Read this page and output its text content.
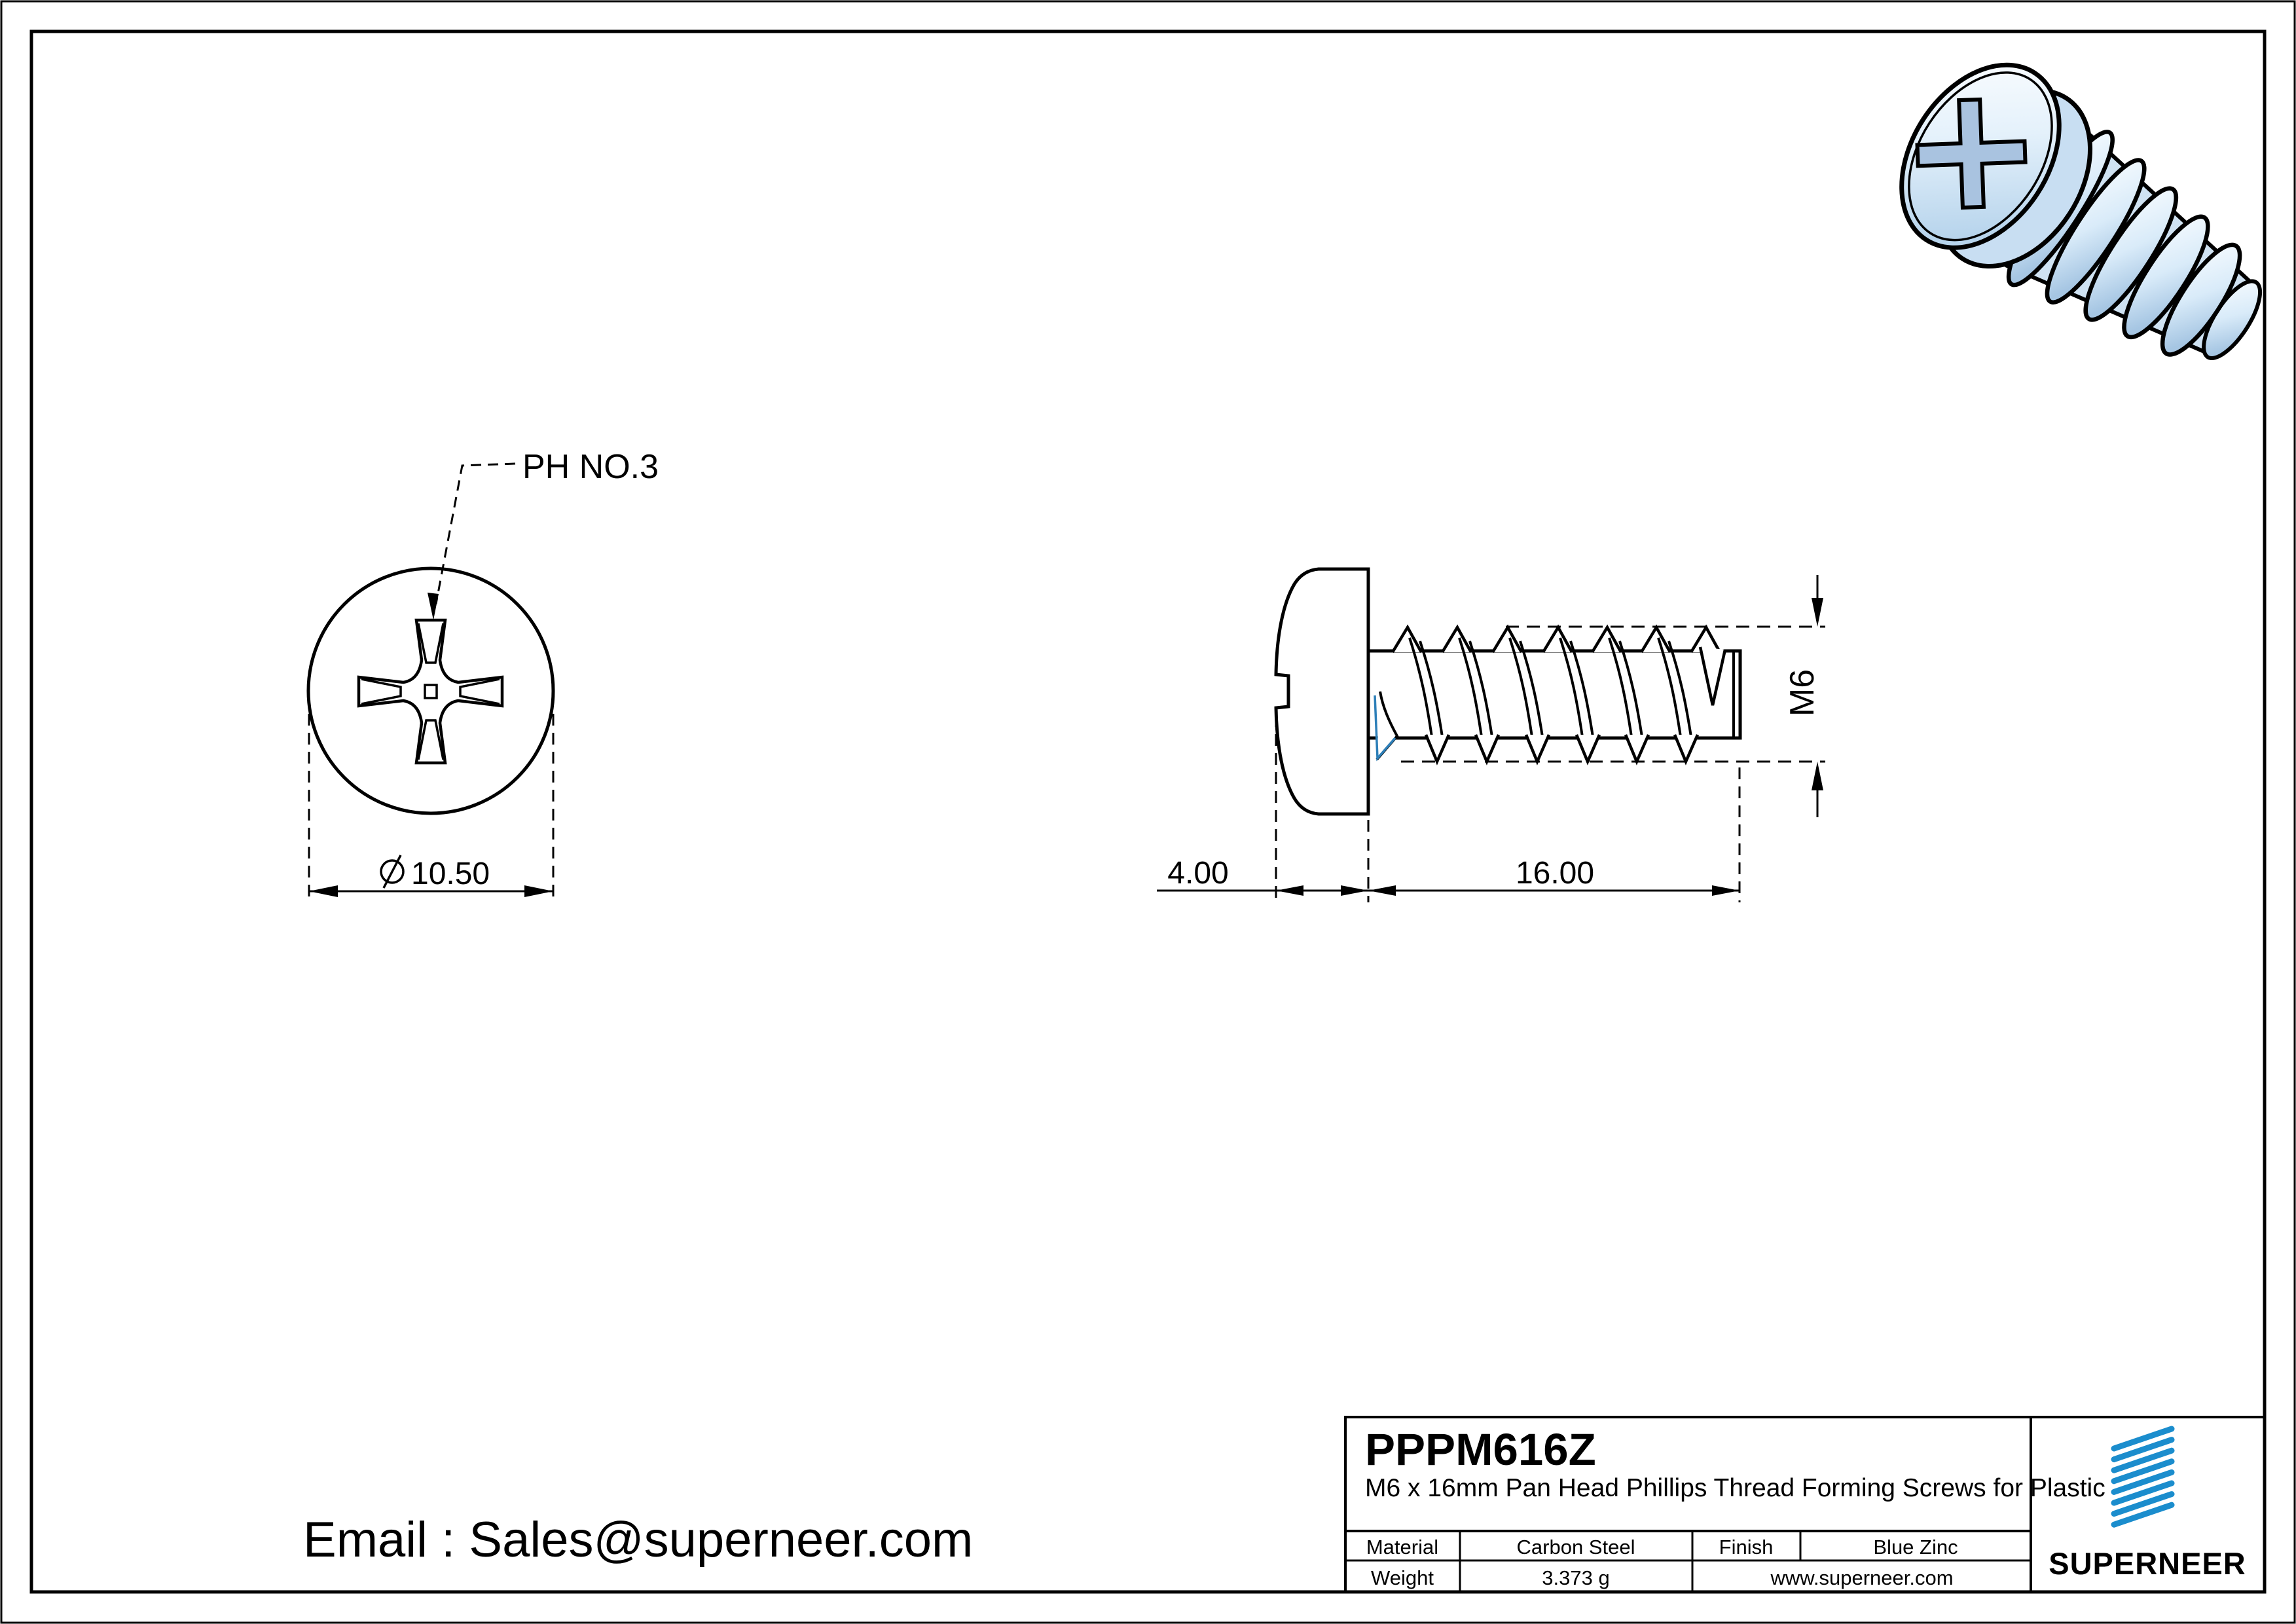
PH NO.3
10.50
M6
4.00	16.00
PPPM616Z
M6 x 16mm Pan Head Phillips Thread Forming Screws for Plastic
Material	Carbon Steel	Finish	Blue Zinc
Weight	3.373 g	www.superneer.com	SUPERNEER
Email : Sales@superneer.com
